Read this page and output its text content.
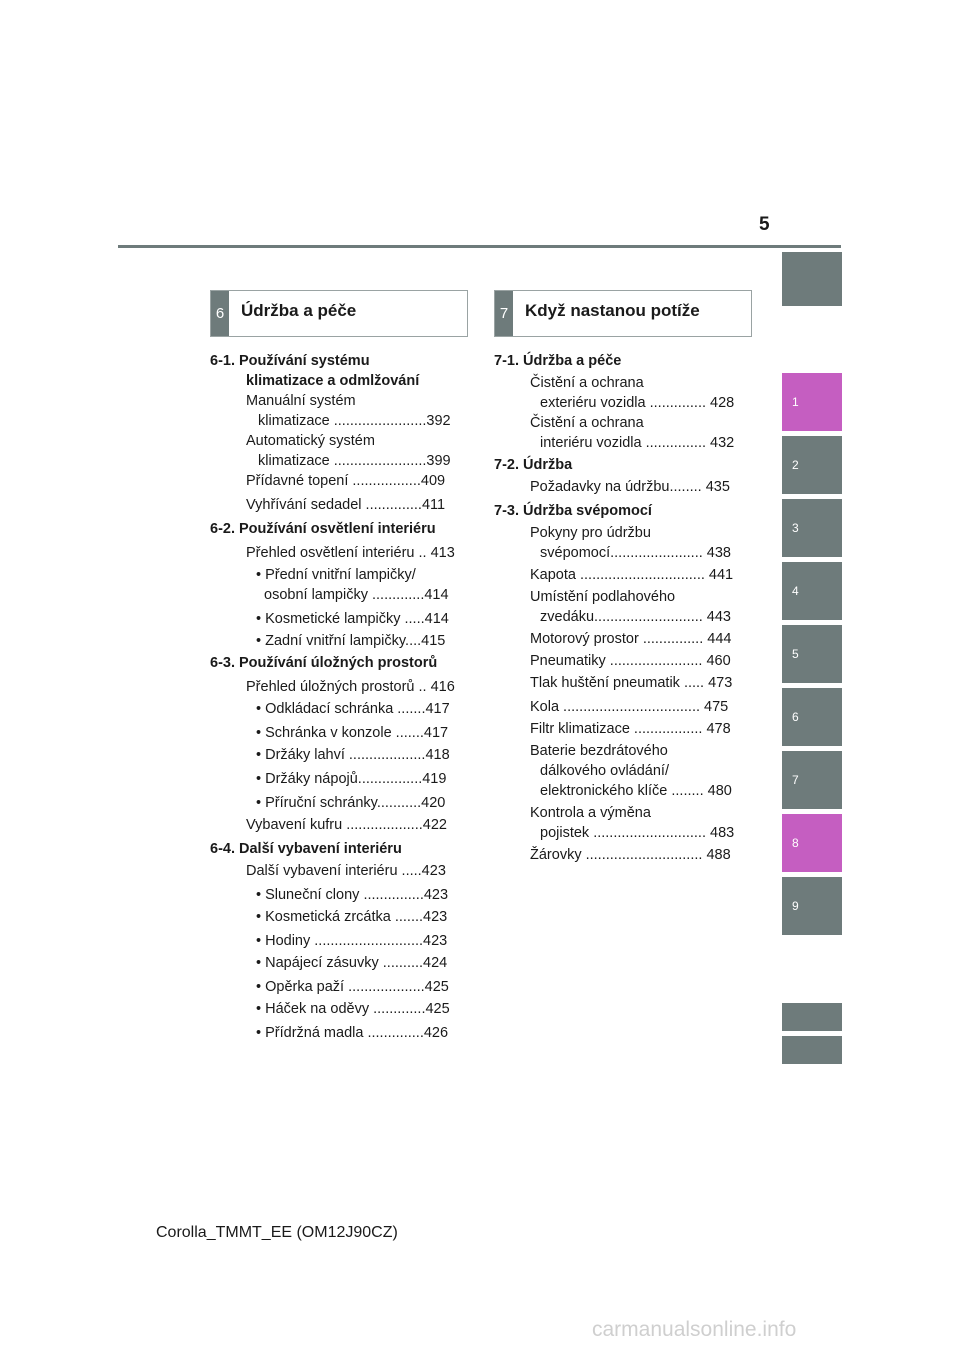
5
6 Údržba a péče	7 Když nastanou potíže
6-1. Používání systému
klimatizace a odmlžování
Manuální systém
klimatizace .......................392
Automatický systém
klimatizace .......................399
Přídavné topení .................409
Vyhřívání sedadel ..............411
6-2. Používání osvětlení interiéru
Přehled osvětlení interiéru .. 413
• Přední vnitřní lampičky/
osobní lampičky .............414
• Kosmetické lampičky .....414
• Zadní vnitřní lampičky....415
6-3. Používání úložných prostorů
Přehled úložných prostorů .. 416
• Odkládací schránka .......417
• Schránka v konzole .......417
• Držáky lahví ...................418
• Držáky nápojů................419
• Příruční schránky...........420
Vybavení kufru ...................422
6-4. Další vybavení interiéru
Další vybavení interiéru .....423
• Sluneční clony ...............423
• Kosmetická zrcátka .......423
• Hodiny ...........................423
• Napájecí zásuvky ..........424
• Opěrka paží ...................425
• Háček na oděvy .............425
• Přídržná madla ..............426
7-1. Údržba a péče
Čistění a ochrana
exteriéru vozidla .............. 428
Čistění a ochrana
interiéru vozidla ............... 432
7-2. Údržba
Požadavky na údržbu........ 435
7-3. Údržba svépomocí
Pokyny pro údržbu
svépomocí....................... 438
Kapota ............................... 441
Umístění podlahového
zvedáku........................... 443
Motorový prostor ............... 444
Pneumatiky ....................... 460
Tlak huštění pneumatik ..... 473
Kola .................................. 475
Filtr klimatizace ................. 478
Baterie bezdrátového
dálkového ovládání/
elektronického klíče ........ 480
Kontrola a výměna
pojistek ............................ 483
Žárovky ............................. 488
1
2
3
4
5
6
7
8
9
Corolla_TMMT_EE (OM12J90CZ)
carmanualsonline.info
